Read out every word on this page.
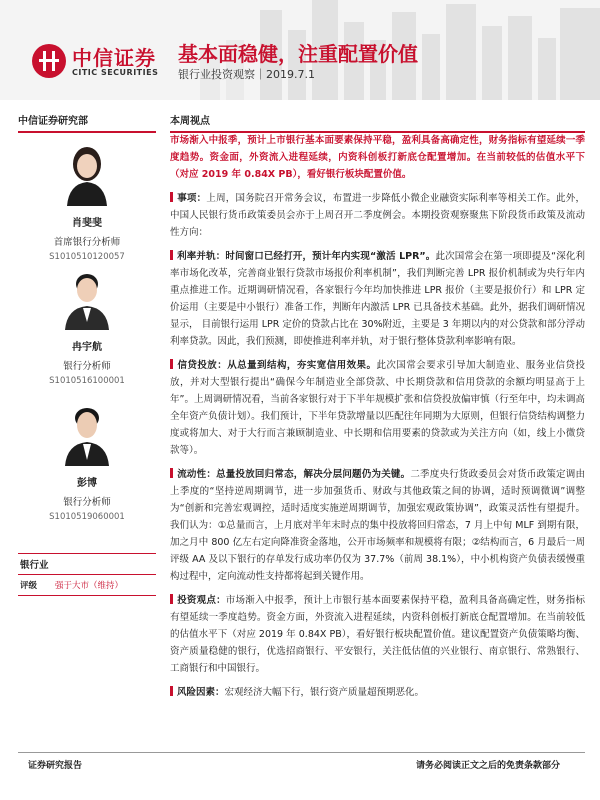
中信证券
CITIC SECURITIES
基本面稳健，注重配置价值
银行业投资观察｜2019.7.1
中信证券研究部	本周视点
肖斐斐
首席银行分析师
S1010510120057
冉宇航
银行分析师
S1010516100001
彭博
银行分析师
S1010519060001
银行业
评级 强于大市（维持）
市场渐入中报季，预计上市银行基本面要素保持平稳，盈利具备高确定性，财务指标有望延续一季度趋势。资金面，外资流入进程延续，内资科创板打新底仓配置增加。在当前较低的估值水平下（对应 2019 年 0.84X PB），看好银行板块配置价值。
事项：上周，国务院召开常务会议，布置进一步降低小微企业融资实际利率等相关工作。此外，中国人民银行货币政策委员会亦于上周召开二季度例会。本期投资观察聚焦下阶段货币政策及流动性方向：
利率并轨：时间窗口已经打开，预计年内实现“激活 LPR”。此次国常会在第一项即提及“深化利率市场化改革，完善商业银行贷款市场报价利率机制”，我们判断完善 LPR 报价机制或为央行年内重点推进工作。近期调研情况看，各家银行今年均加快推进 LPR 报价（主要是报价行）和 LPR 定价运用（主要是中小银行）准备工作，判断年内激活 LPR 已具备技术基础。此外，据我们调研情况显示， 目前银行运用 LPR 定价的贷款占比在 30%附近，主要是 3 年期以内的对公贷款和部分浮动利率贷款。因此，我们预测，即使推进利率并轨，对于银行整体贷款利率影响有限。
信贷投放：从总量到结构，夯实宽信用效果。此次国常会要求引导加大制造业、服务业信贷投放，并对大型银行提出“确保今年制造业全部贷款、中长期贷款和信用贷款的余额均明显高于上年”。上周调研情况看，当前各家银行对于下半年规模扩张和信贷投放偏审慎（行至年中，均未调高全年资产负债计划）。我们预计，下半年贷款增量以匹配往年同期为大原则，但银行信贷结构调整力度或将加大、对于大行而言兼顾制造业、中长期和信用要素的贷款或为关注方向（如，线上小微贷款等）。
流动性：总量投放回归常态，解决分层问题仍为关键。二季度央行货政委员会对货币政策定调由上季度的“坚持逆周期调节，进一步加强货币、财政与其他政策之间的协调，适时预调微调”调整为“创新和完善宏观调控，适时适度实施逆周期调节，加强宏观政策协调”，政策灵活性有望提升。我们认为：①总量而言，上月底对半年末时点的集中投放将回归常态，7 月上中旬 MLF 到期有限，加之月中 800 亿左右定向降准资金落地，公开市场频率和规模将有限；②结构而言，6 月最后一周评级 AA 及以下银行的存单发行成功率仍仅为 37.7%（前周 38.1%），中小机构资产负债表缓慢重构过程中，定向流动性支持都将起到关键作用。
投资观点：市场渐入中报季，预计上市银行基本面要素保持平稳，盈利具备高确定性，财务指标有望延续一季度趋势。资金方面，外资流入进程延续，内资科创板打新底仓配置增加。在当前较低的估值水平下（对应 2019 年 0.84X PB），看好银行板块配置价值。建议配置资产负债策略均衡、资产质量稳健的银行，优选招商银行、平安银行，关注低估值的兴业银行、南京银行、常熟银行、工商银行和中国银行。
风险因素：宏观经济大幅下行，银行资产质量超预期恶化。
证券研究报告	请务必阅读正文之后的免责条款部分
